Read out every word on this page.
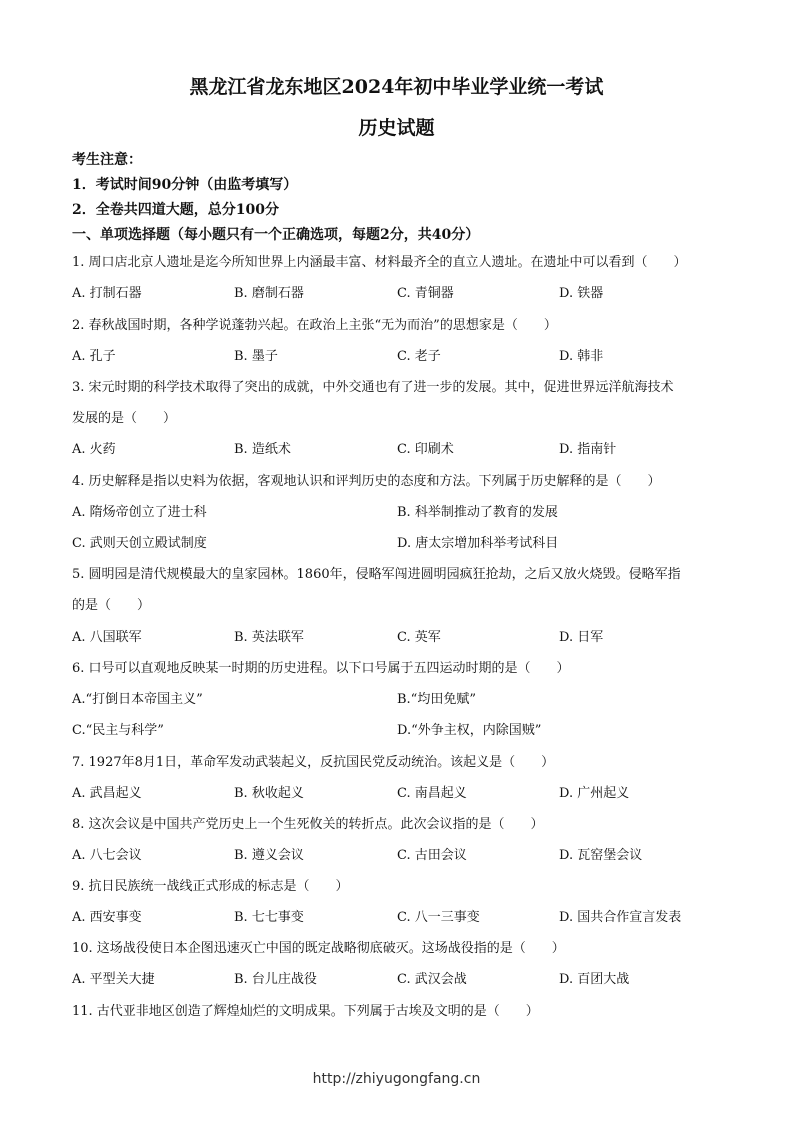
黑龙江省龙东地区2024年初中毕业学业统一考试
历史试题
考生注意：
1．考试时间90分钟（由监考填写）
2．全卷共四道大题，总分100分
一、单项选择题（每小题只有一个正确选项，每题2分，共40分）
1. 周口店北京人遗址是迄今所知世界上内涵最丰富、材料最齐全的直立人遗址。在遗址中可以看到（　　）
A. 打制石器	B. 磨制石器	C. 青铜器	D. 铁器
2. 春秋战国时期，各种学说蓬勃兴起。在政治上主张“无为而治”的思想家是（　　）
A. 孔子	B. 墨子	C. 老子	D. 韩非
3. 宋元时期的科学技术取得了突出的成就，中外交通也有了进一步的发展。其中，促进世界远洋航海技术
发展的是（　　）
A. 火药	B. 造纸术	C. 印刷术	D. 指南针
4. 历史解释是指以史料为依据，客观地认识和评判历史的态度和方法。下列属于历史解释的是（　　）
A. 隋炀帝创立了进士科	B. 科举制推动了教育的发展
C. 武则天创立殿试制度	D. 唐太宗增加科举考试科目
5. 圆明园是清代规模最大的皇家园林。1860年，侵略军闯进圆明园疯狂抢劫，之后又放火烧毁。侵略军指
的是（　　）
A. 八国联军	B. 英法联军	C. 英军	D. 日军
6. 口号可以直观地反映某一时期的历史进程。以下口号属于五四运动时期的是（　　）
A.“打倒日本帝国主义”	B.“均田免赋”
C.“民主与科学”	D.“外争主权，内除国贼”
7. 1927年8月1日，革命军发动武装起义，反抗国民党反动统治。该起义是（　　）
A. 武昌起义	B. 秋收起义	C. 南昌起义	D. 广州起义
8. 这次会议是中国共产党历史上一个生死攸关的转折点。此次会议指的是（　　）
A. 八七会议	B. 遵义会议	C. 古田会议	D. 瓦窑堡会议
9. 抗日民族统一战线正式形成的标志是（　　）
A. 西安事变	B. 七七事变	C. 八一三事变	D. 国共合作宣言发表
10. 这场战役使日本企图迅速灭亡中国的既定战略彻底破灭。这场战役指的是（　　）
A. 平型关大捷	B. 台儿庄战役	C. 武汉会战	D. 百团大战
11. 古代亚非地区创造了辉煌灿烂的文明成果。下列属于古埃及文明的是（　　）
http://zhiyugongfang.cn
